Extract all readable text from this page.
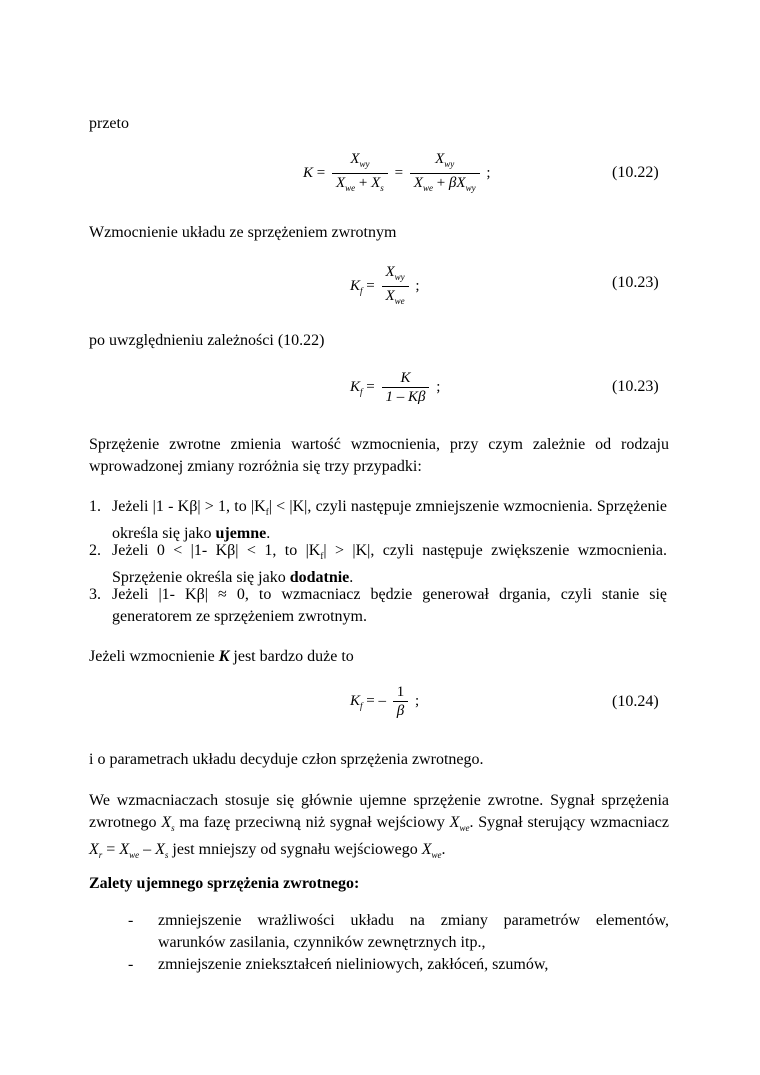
przeto
$K = \frac{X_{wy}}{X_{we} + X_s} = \frac{X_{wy}}{X_{we} + \beta X_{wy}}$ ;	(10.22)
Wzmocnienie układu ze sprzężeniem zwrotnym
$K_f = \frac{X_{wy}}{X_{we}}$ ;	(10.23)
po uwzględnieniu zależności (10.22)
$K_f = \frac{K}{1 - K\beta}$ ;	(10.23)
Sprzężenie zwrotne zmienia wartość wzmocnienia, przy czym zależnie od rodzaju wprowadzonej zmiany rozróżnia się trzy przypadki:
1. Jeżeli |1 - Kβ| > 1, to $|K_f| < |K|$, czyli następuje zmniejszenie wzmocnienia. Sprzężenie określa się jako ujemne.
2. Jeżeli 0 < |1- Kβ| < 1, to $|K_f| > |K|$, czyli następuje zwiększenie wzmocnienia. Sprzężenie określa się jako dodatnie.
3. Jeżeli |1- Kβ| ≈ 0, to wzmacniacz będzie generował drgania, czyli stanie się generatorem ze sprzężeniem zwrotnym.
Jeżeli wzmocnienie K jest bardzo duże to
$K_f$ = – $\frac{1}{\beta}$ ;	(10.24)
i o parametrach układu decyduje człon sprzężenia zwrotnego.
We wzmacniaczach stosuje się głównie ujemne sprzężenie zwrotne. Sygnał sprzężenia zwrotnego $X_s$ ma fazę przeciwną niż sygnał wejściowy $X_{we}$. Sygnał sterujący wzmacniacz $X_r = X_{we} - X_s$ jest mniejszy od sygnału wejściowego $X_{we}$.
Zalety ujemnego sprzężenia zwrotnego:
- zmniejszenie wrażliwości układu na zmiany parametrów elementów, warunków zasilania, czynników zewnętrznych itp.,
- zmniejszenie zniekształceń nieliniowych, zakłóceń, szumów,
